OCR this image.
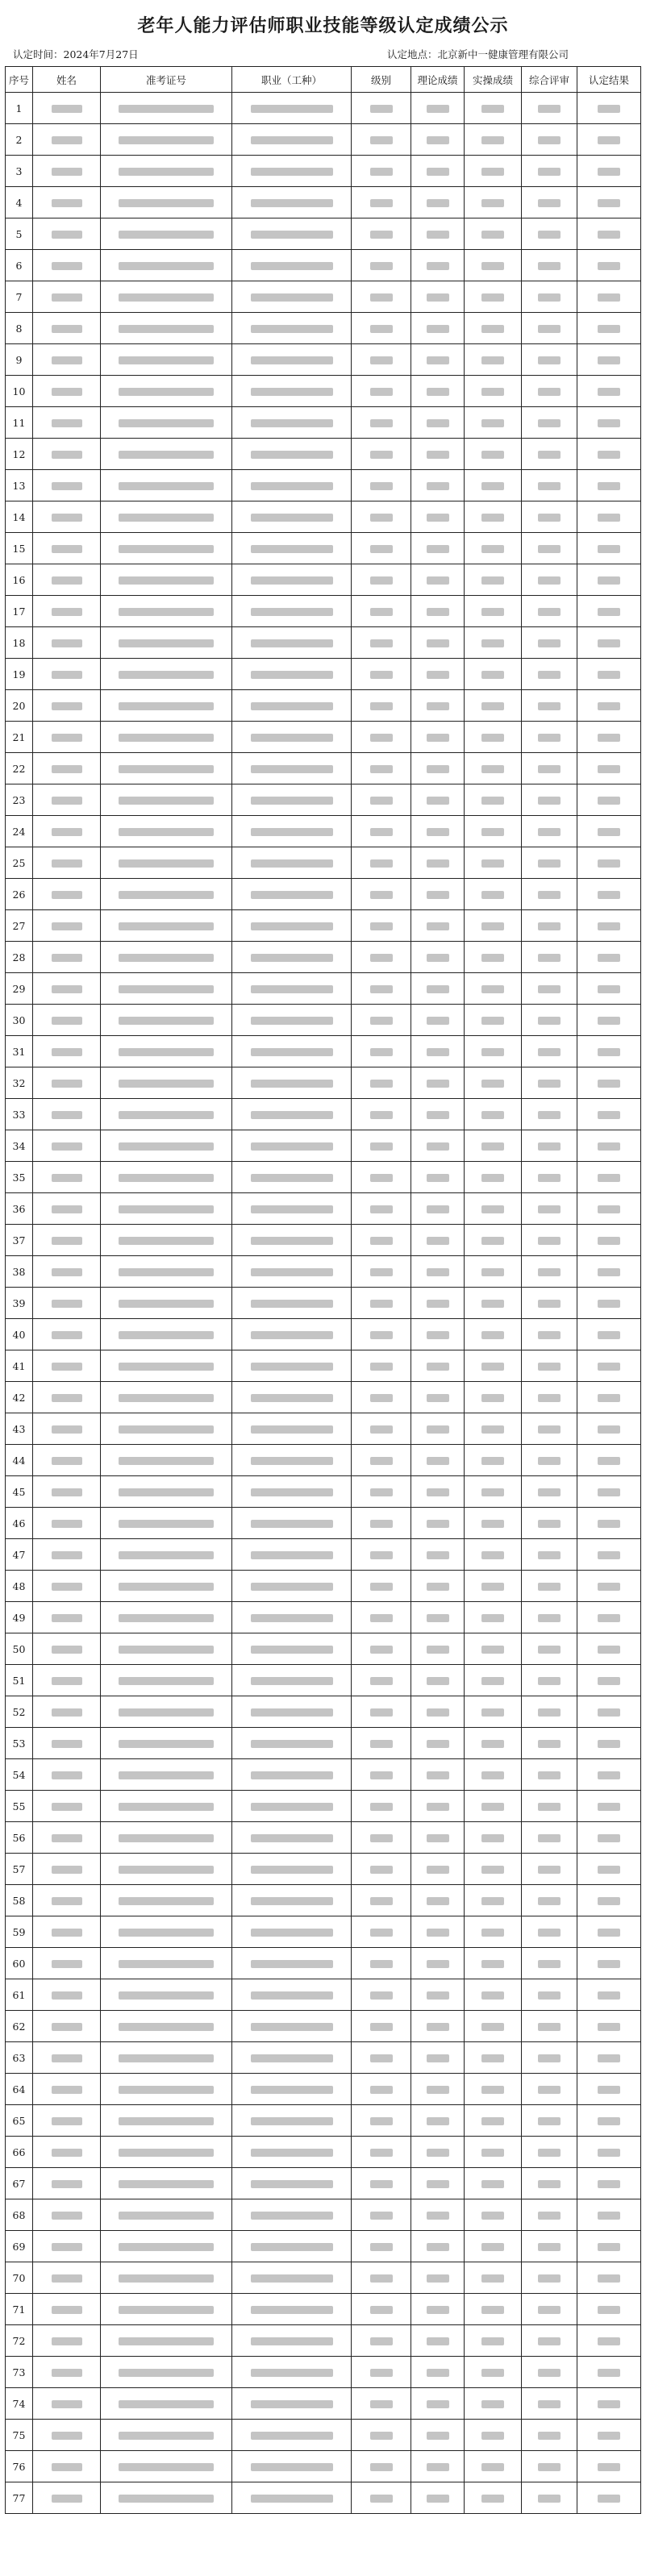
老年人能力评估师职业技能等级认定成绩公示
认定时间：2024年7月27日	认定地点：北京新中一健康管理有限公司
序号	姓名	准考证号	职业（工种）	级别	理论成绩	实操成绩	综合评审	认定结果
1								
2								
3								
4								
5								
6								
7								
8								
9								
10								
11								
12								
13								
14								
15								
16								
17								
18								
19								
20								
21								
22								
23								
24								
25								
26								
27								
28								
29								
30								
31								
32								
33								
34								
35								
36								
37								
38								
39								
40								
41								
42								
43								
44								
45								
46								
47								
48								
49								
50								
51								
52								
53								
54								
55								
56								
57								
58								
59								
60								
61								
62								
63								
64								
65								
66								
67								
68								
69								
70								
71								
72								
73								
74								
75								
76								
77								
